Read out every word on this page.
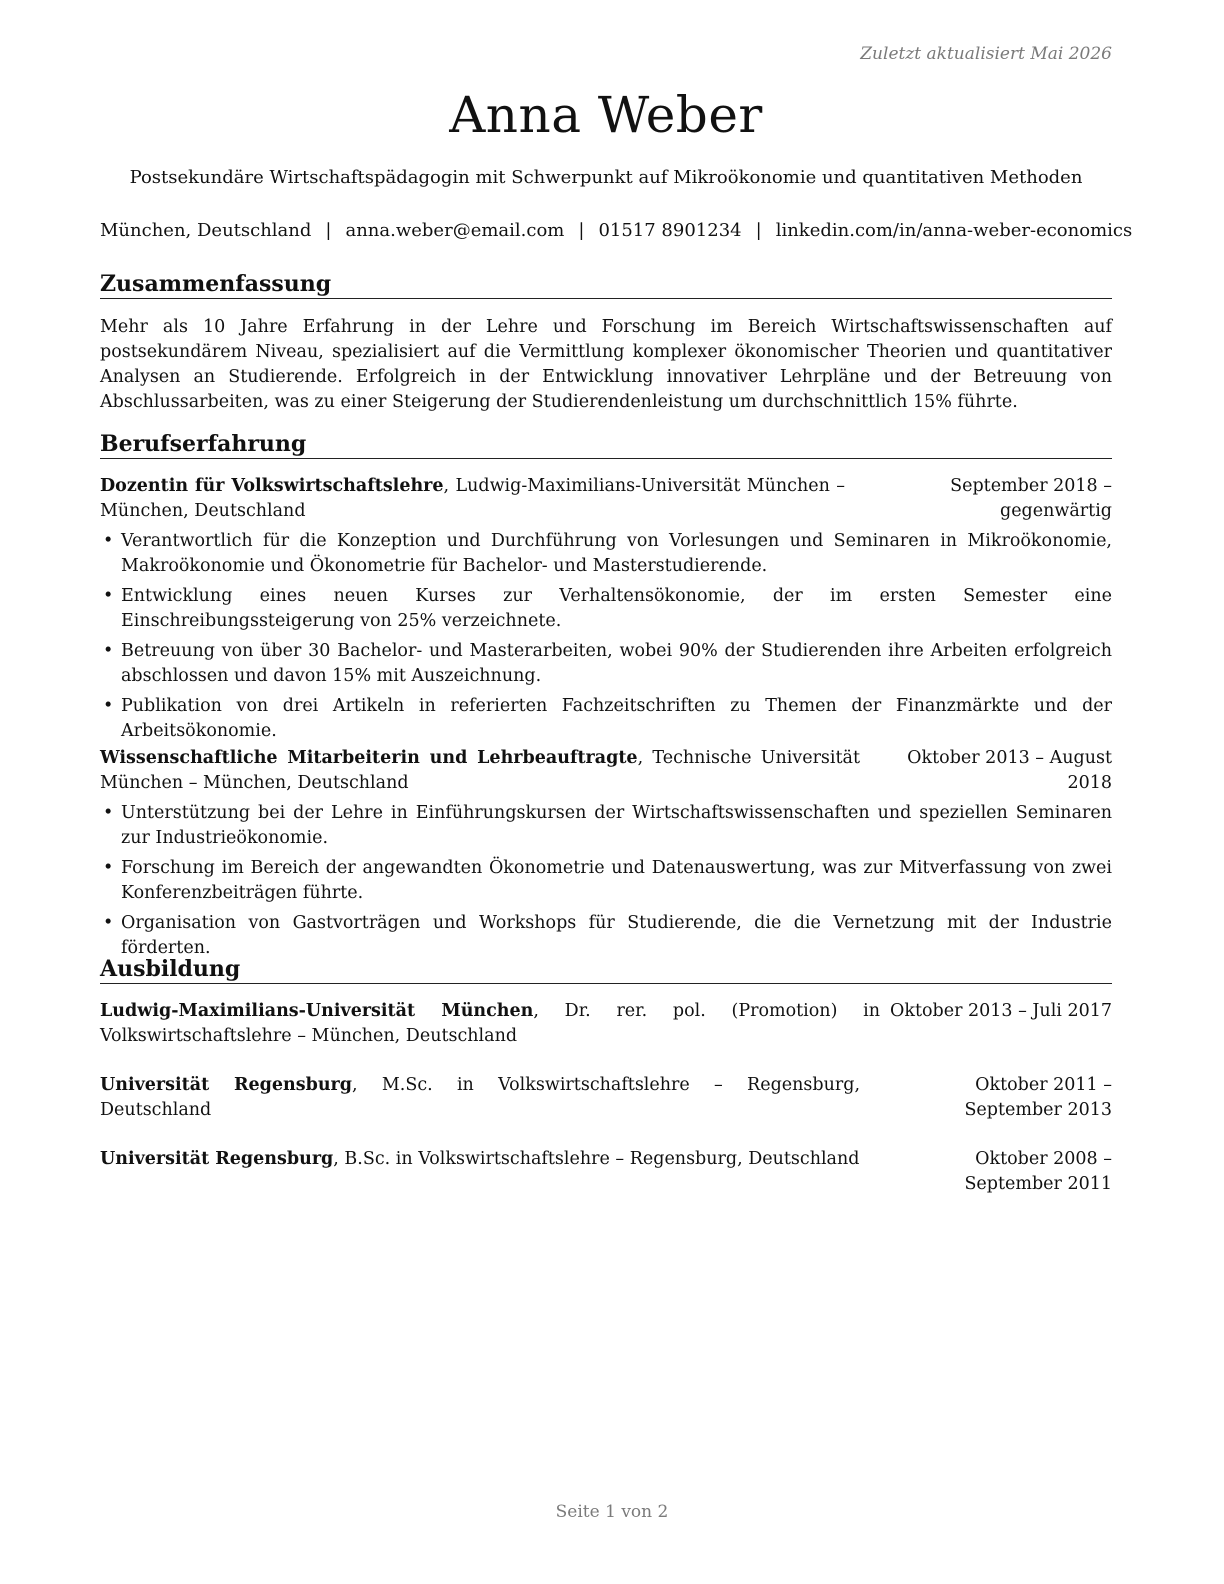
Zuletzt aktualisiert Mai 2026
Anna Weber
Postsekundäre Wirtschaftspädagogin mit Schwerpunkt auf Mikroökonomie und quantitativen Methoden
München, Deutschland | anna.weber@email.com | 01517 8901234 | linkedin.com/in/anna-weber-economics
Zusammenfassung
Mehr als 10 Jahre Erfahrung in der Lehre und Forschung im Bereich Wirtschaftswissenschaften auf postsekundärem Niveau, spezialisiert auf die Vermittlung komplexer ökonomischer Theorien und quantitativer Analysen an Studierende. Erfolgreich in der Entwicklung innovativer Lehrpläne und der Betreuung von Abschlussarbeiten, was zu einer Steigerung der Studierendenleistung um durchschnittlich 15% führte.
Berufserfahrung
Dozentin für Volkswirtschaftslehre, Ludwig-Maximilians-Universität München – München, Deutschland
September 2018 – gegenwärtig
• Verantwortlich für die Konzeption und Durchführung von Vorlesungen und Seminaren in Mikroökonomie, Makroökonomie und Ökonometrie für Bachelor- und Masterstudierende.
• Entwicklung eines neuen Kurses zur Verhaltensökonomie, der im ersten Semester eine Einschreibungssteigerung von 25% verzeichnete.
• Betreuung von über 30 Bachelor- und Masterarbeiten, wobei 90% der Studierenden ihre Arbeiten erfolgreich abschlossen und davon 15% mit Auszeichnung.
• Publikation von drei Artikeln in referierten Fachzeitschriften zu Themen der Finanzmärkte und der Arbeitsökonomie.
Wissenschaftliche Mitarbeiterin und Lehrbeauftragte, Technische Universität München – München, Deutschland
Oktober 2013 – August 2018
• Unterstützung bei der Lehre in Einführungskursen der Wirtschaftswissenschaften und speziellen Seminaren zur Industrieökonomie.
• Forschung im Bereich der angewandten Ökonometrie und Datenauswertung, was zur Mitverfassung von zwei Konferenzbeiträgen führte.
• Organisation von Gastvorträgen und Workshops für Studierende, die die Vernetzung mit der Industrie förderten.
Ausbildung
Ludwig-Maximilians-Universität München, Dr. rer. pol. (Promotion) in Volkswirtschaftslehre – München, Deutschland
Oktober 2013 – Juli 2017
Universität Regensburg, M.Sc. in Volkswirtschaftslehre – Regensburg, Deutschland
Oktober 2011 – September 2013
Universität Regensburg, B.Sc. in Volkswirtschaftslehre – Regensburg, Deutschland	Oktober 2008 – September 2011
Seite 1 von 2
